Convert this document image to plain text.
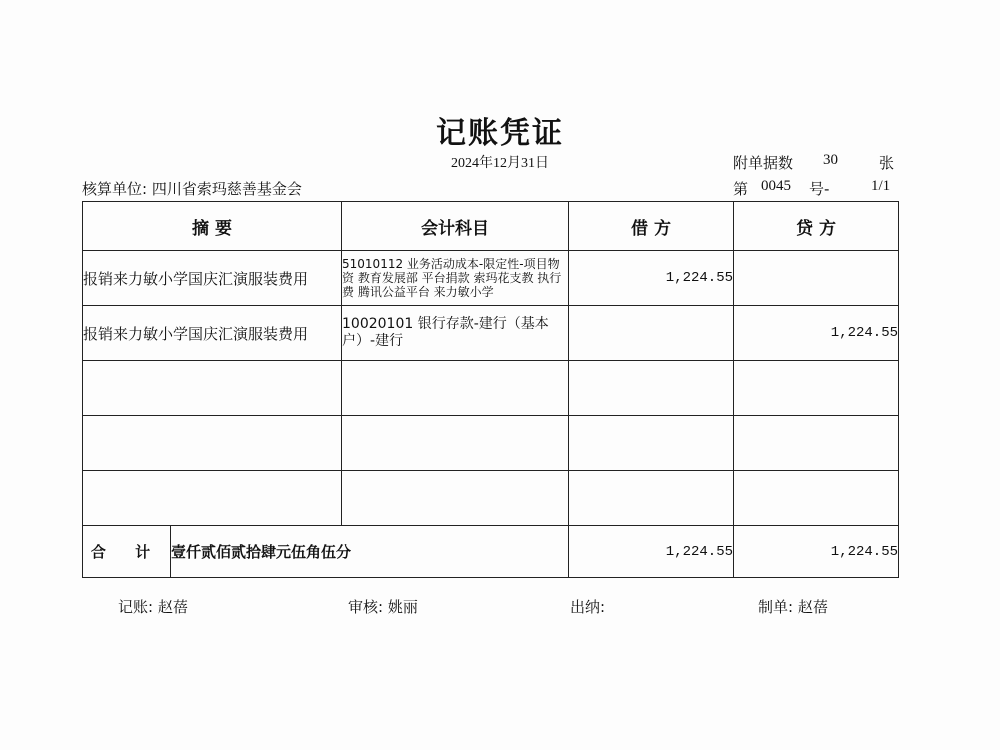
记账凭证
2024年12月31日	附单据数 30	张
核算单位: 四川省索玛慈善基金会	第 0045 号-	1/1
摘 要		会计科目	借 方	贷 方
报销来力敏小学国庆汇演服装费用		51010112 业务活动成本-限定性-项目物资 教育发展部 平台捐款 索玛花支教 执行费 腾讯公益平台 来力敏小学	1,224.55	
报销来力敏小学国庆汇演服装费用		10020101 银行存款-建行（基本户）-建行		1,224.55

合 计	壹仟贰佰贰拾肆元伍角伍分		1,224.55	1,224.55
记账: 赵蓓	审核: 姚丽	出纳:	制单: 赵蓓
